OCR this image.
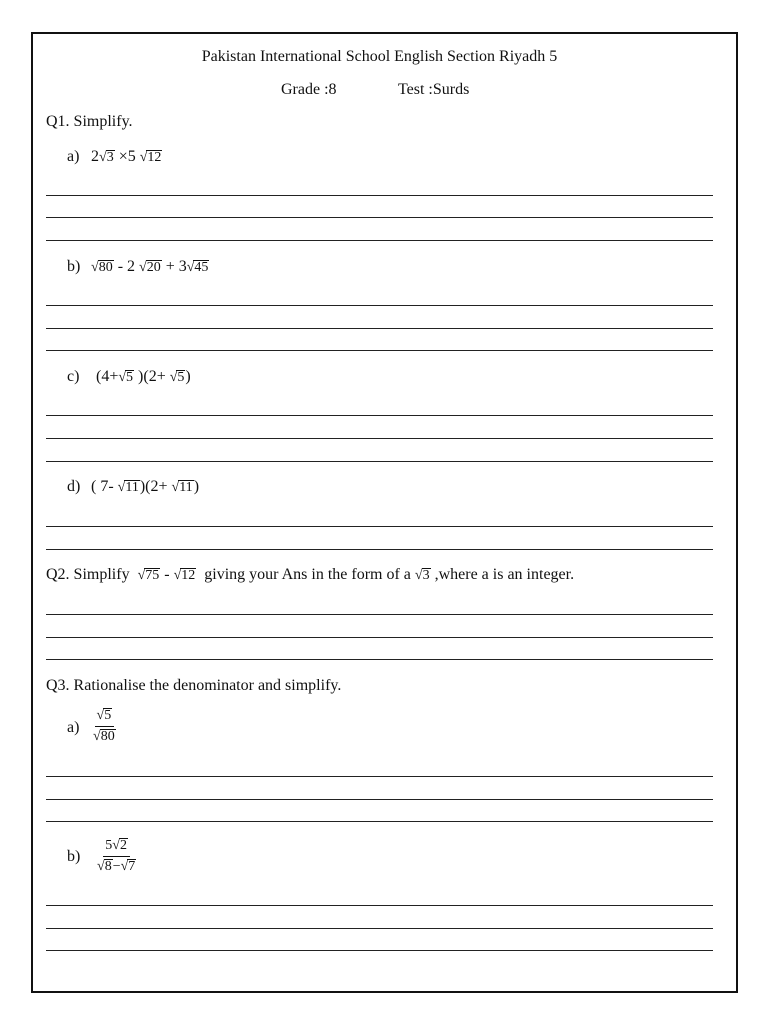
Pakistan International School English Section Riyadh 5
Grade :8	Test :Surds
Q1. Simplify.
a) 2 √ 3 ×5 √ 12
b) √ 80 - 2 √ 20 + 3 √ 45
c) (4+ √ 5 )(2+ √ 5 )
d) ( 7- √ 11 )(2+ √ 11 )
Q2. Simplify √ 75 - √ 12 giving your Ans in the form of a √ 3 ,where a is an integer.
Q3. Rationalise the denominator and simplify.
$a) \frac{√ 5}{√ 80}$
$b) \frac{5 √ 2}{√ 8 - √ 7}$
